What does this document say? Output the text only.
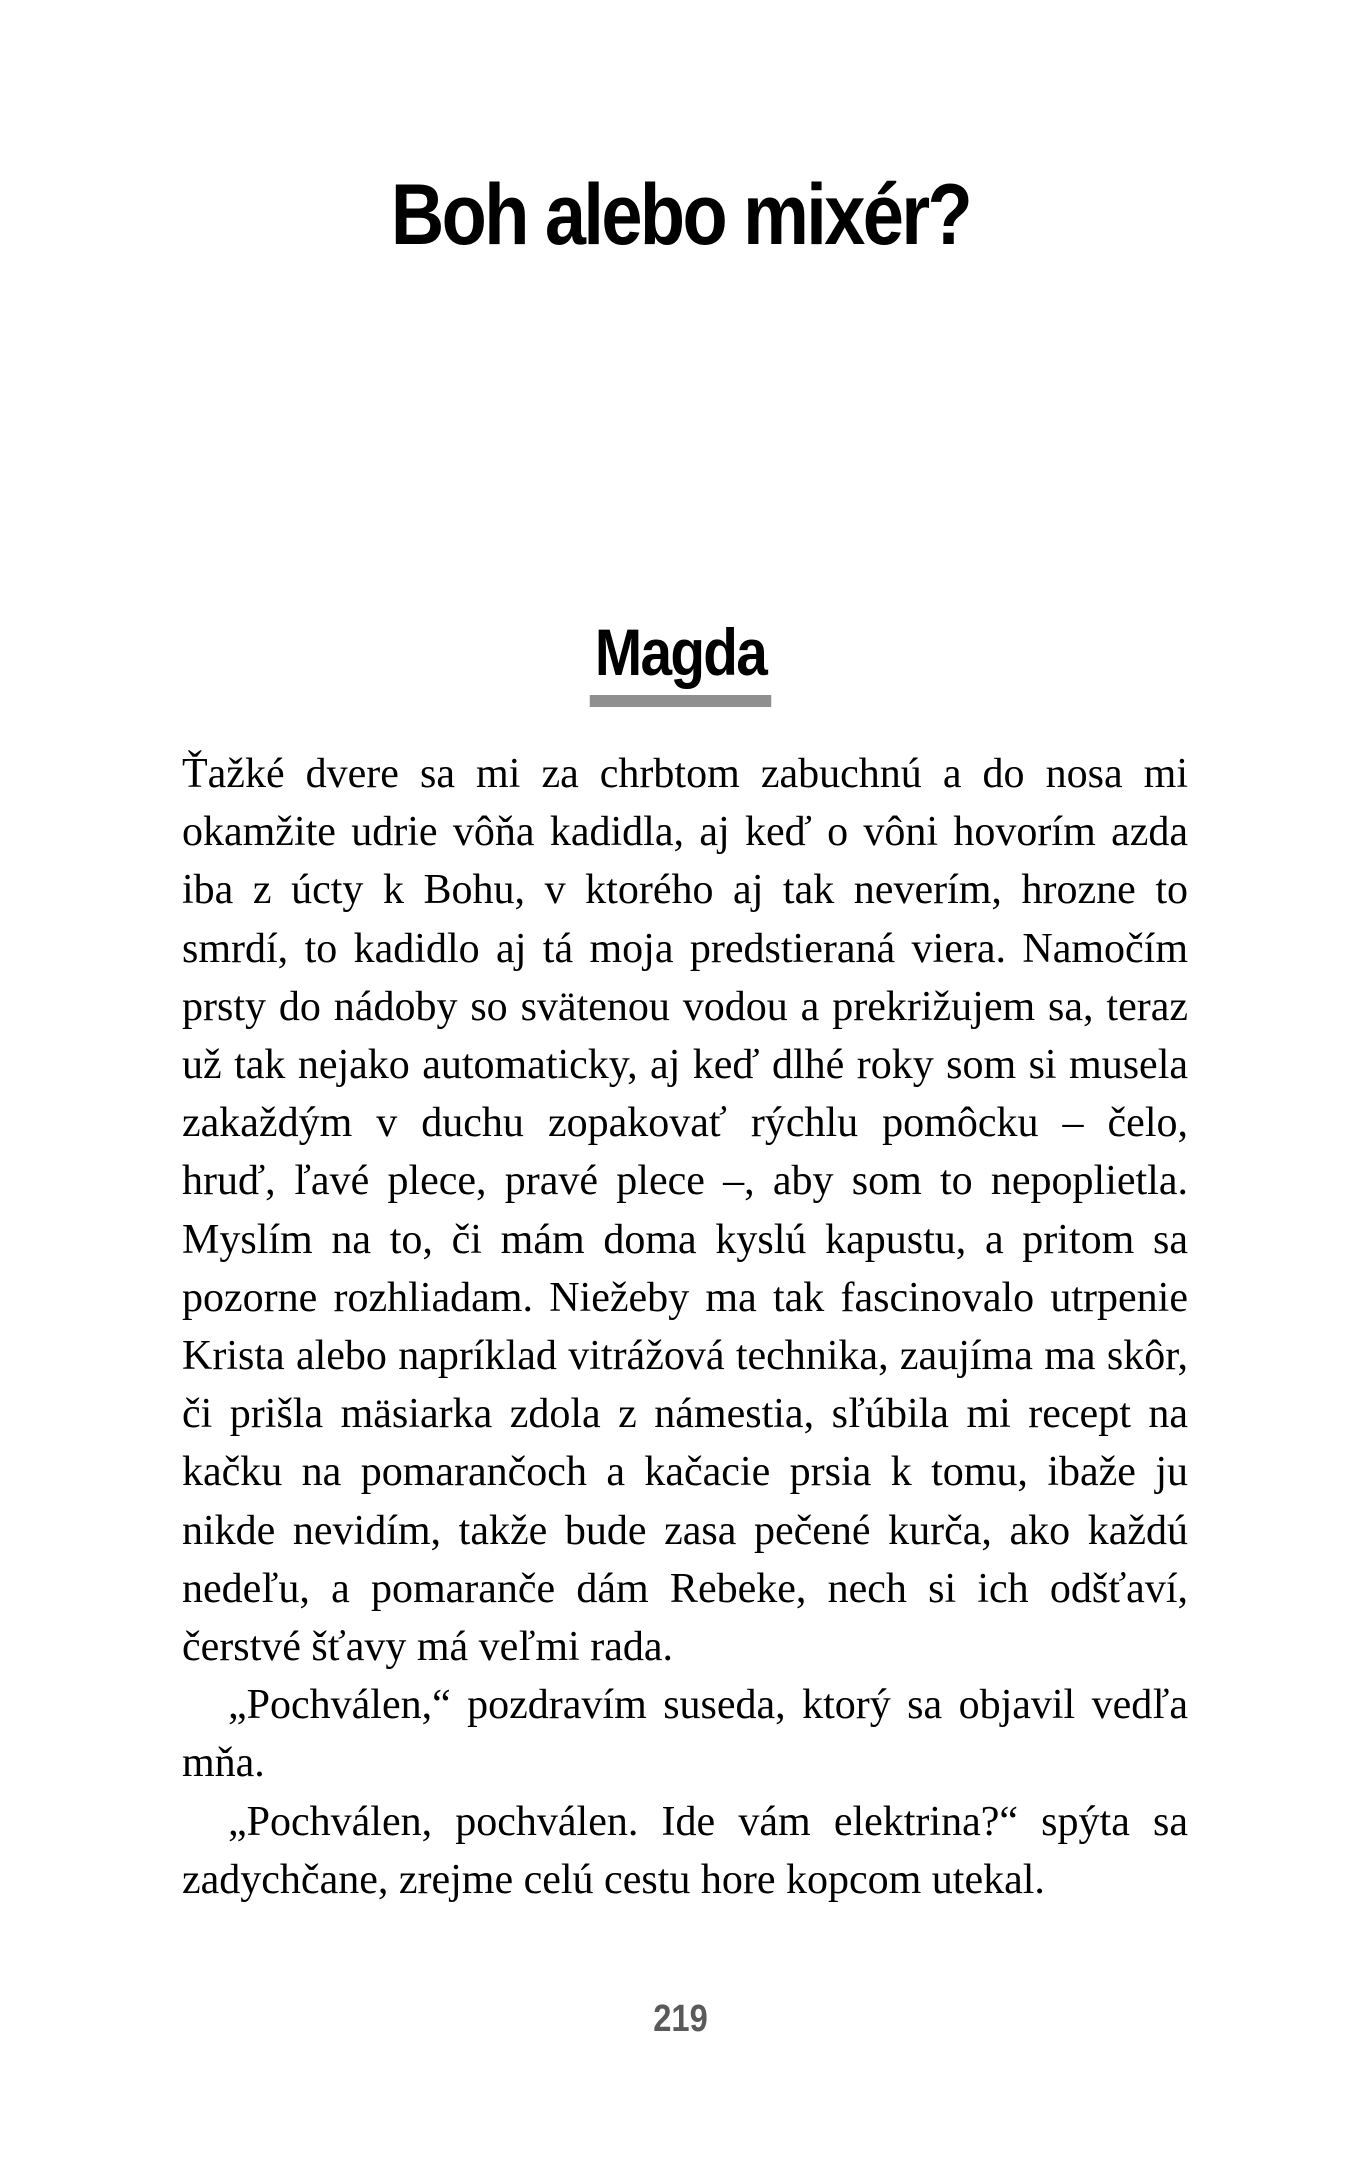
Boh alebo mixér?
Magda

Ťažké dvere sa mi za chrbtom zabuchnú a do nosa mi okamžite udrie vôňa kadidla, aj keď o vôni hovorím azda iba z úcty k Bohu, v ktorého aj tak neverím, hrozne to smrdí, to kadidlo aj tá moja predstieraná viera. Namočím prsty do nádoby so svätenou vodou a prekrižujem sa, teraz už tak nejako automaticky, aj keď dlhé roky som si musela zakaždým v duchu zopakovať rýchlu pomôcku – čelo, hruď, ľavé plece, pravé plece –, aby som to nepoplietla. Myslím na to, či mám doma kyslú kapustu, a pritom sa pozorne rozhliadam. Niežeby ma tak fascinovalo utrpenie Krista alebo napríklad vitrážová technika, zaujíma ma skôr, či prišla mäsiarka zdola z námestia, sľúbila mi recept na kačku na pomarančoch a kačacie prsia k tomu, ibaže ju nikde nevidím, takže bude zasa pečené kurča, ako každú nedeľu, a pomaranče dám Rebeke, nech si ich odšťaví, čerstvé šťavy má veľmi rada.

„Pochválen,“ pozdravím suseda, ktorý sa objavil vedľa mňa.

„Pochválen, pochválen. Ide vám elektrina?“ spýta sa zadychčane, zrejme celú cestu hore kopcom utekal.

219
